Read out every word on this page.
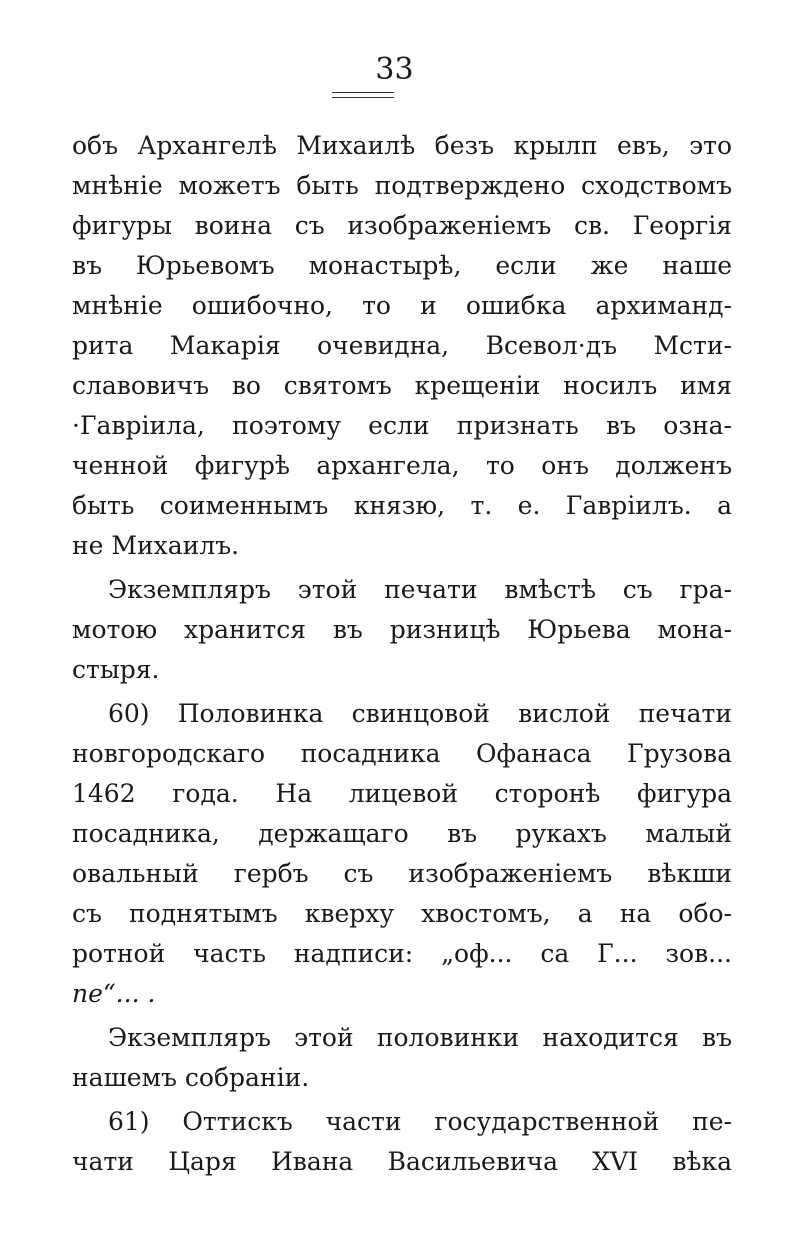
33
объ Архангелѣ Михаилѣ безъ крылп евъ, это
мнѣніе можетъ быть подтверждено сходствомъ
фигуры воина съ изображеніемъ св. Георгія
въ Юрьевомъ монастырѣ, если же наше
мнѣніе ошибочно, то и ошибка архиманд-
рита Макарія очевидна, Всевол·дъ Мсти-
славовичъ во святомъ крещеніи носилъ имя
·Гавріила, поэтому если признать въ озна-
ченной фигурѣ архангела, то онъ долженъ
быть соименнымъ князю, т. е. Гавріилъ. а
не Михаилъ.
Экземпляръ этой печати вмѣстѣ съ гра-
мотою хранится въ ризницѣ Юрьева мона-
стыря.
60) Половинка свинцовой вислой печати
новгородскаго посадника Офанаса Грузова
1462 года. На лицевой сторонѣ фигура
посадника, держащаго въ рукахъ малый
овальный гербъ съ изображеніемъ вѣкши
съ поднятымъ кверху хвостомъ, а на обо-
ротной часть надписи: „оф... са Г... зов...
пе“... .
Экземпляръ этой половинки находится въ
нашемъ собраніи.
61) Оттискъ части государственной пе-
чати Царя Ивана Васильевича XVI вѣка
